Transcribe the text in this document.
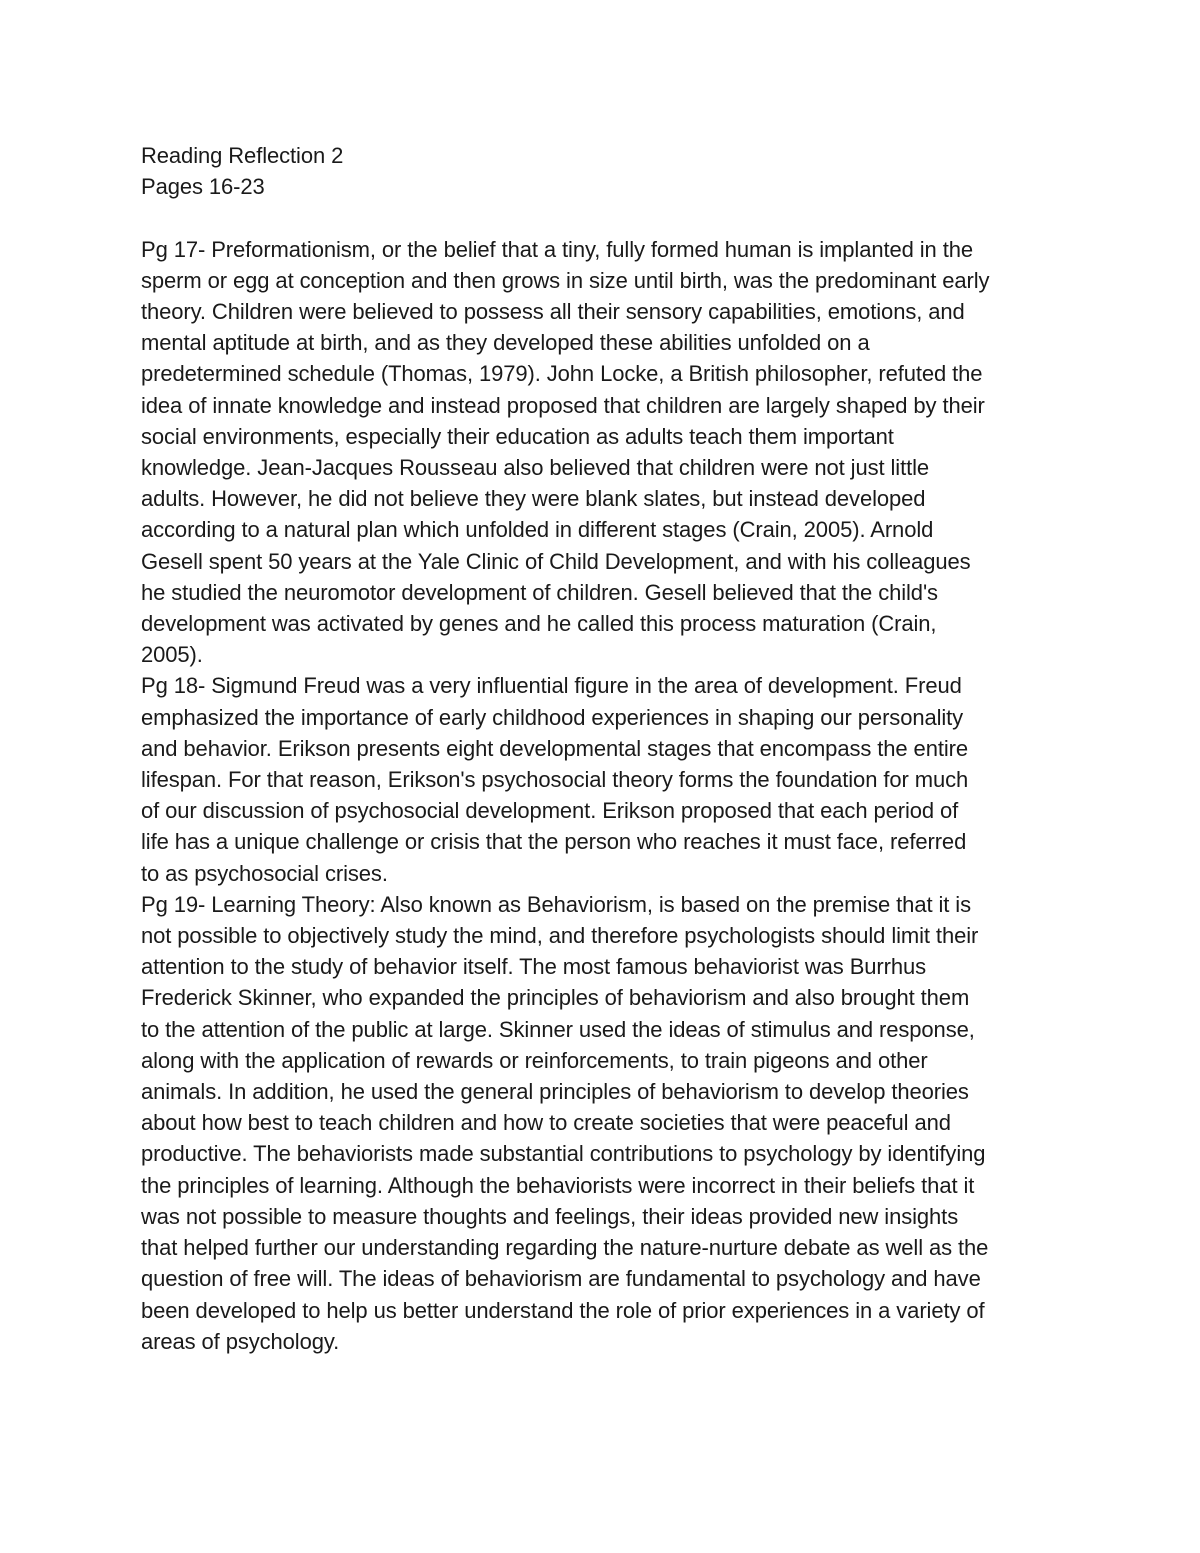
Reading Reflection 2
Pages 16-23
Pg 17- Preformationism, or the belief that a tiny, fully formed human is implanted in the
sperm or egg at conception and then grows in size until birth, was the predominant early
theory. Children were believed to possess all their sensory capabilities, emotions, and
mental aptitude at birth, and as they developed these abilities unfolded on a
predetermined schedule (Thomas, 1979). John Locke, a British philosopher, refuted the
idea of innate knowledge and instead proposed that children are largely shaped by their
social environments, especially their education as adults teach them important
knowledge. Jean-Jacques Rousseau also believed that children were not just little
adults. However, he did not believe they were blank slates, but instead developed
according to a natural plan which unfolded in different stages (Crain, 2005). Arnold
Gesell spent 50 years at the Yale Clinic of Child Development, and with his colleagues
he studied the neuromotor development of children. Gesell believed that the child's
development was activated by genes and he called this process maturation (Crain,
2005).
Pg 18- Sigmund Freud was a very influential figure in the area of development. Freud
emphasized the importance of early childhood experiences in shaping our personality
and behavior. Erikson presents eight developmental stages that encompass the entire
lifespan. For that reason, Erikson's psychosocial theory forms the foundation for much
of our discussion of psychosocial development. Erikson proposed that each period of
life has a unique challenge or crisis that the person who reaches it must face, referred
to as psychosocial crises.
Pg 19- Learning Theory: Also known as Behaviorism, is based on the premise that it is
not possible to objectively study the mind, and therefore psychologists should limit their
attention to the study of behavior itself. The most famous behaviorist was Burrhus
Frederick Skinner, who expanded the principles of behaviorism and also brought them
to the attention of the public at large. Skinner used the ideas of stimulus and response,
along with the application of rewards or reinforcements, to train pigeons and other
animals. In addition, he used the general principles of behaviorism to develop theories
about how best to teach children and how to create societies that were peaceful and
productive. The behaviorists made substantial contributions to psychology by identifying
the principles of learning. Although the behaviorists were incorrect in their beliefs that it
was not possible to measure thoughts and feelings, their ideas provided new insights
that helped further our understanding regarding the nature-nurture debate as well as the
question of free will. The ideas of behaviorism are fundamental to psychology and have
been developed to help us better understand the role of prior experiences in a variety of
areas of psychology.
